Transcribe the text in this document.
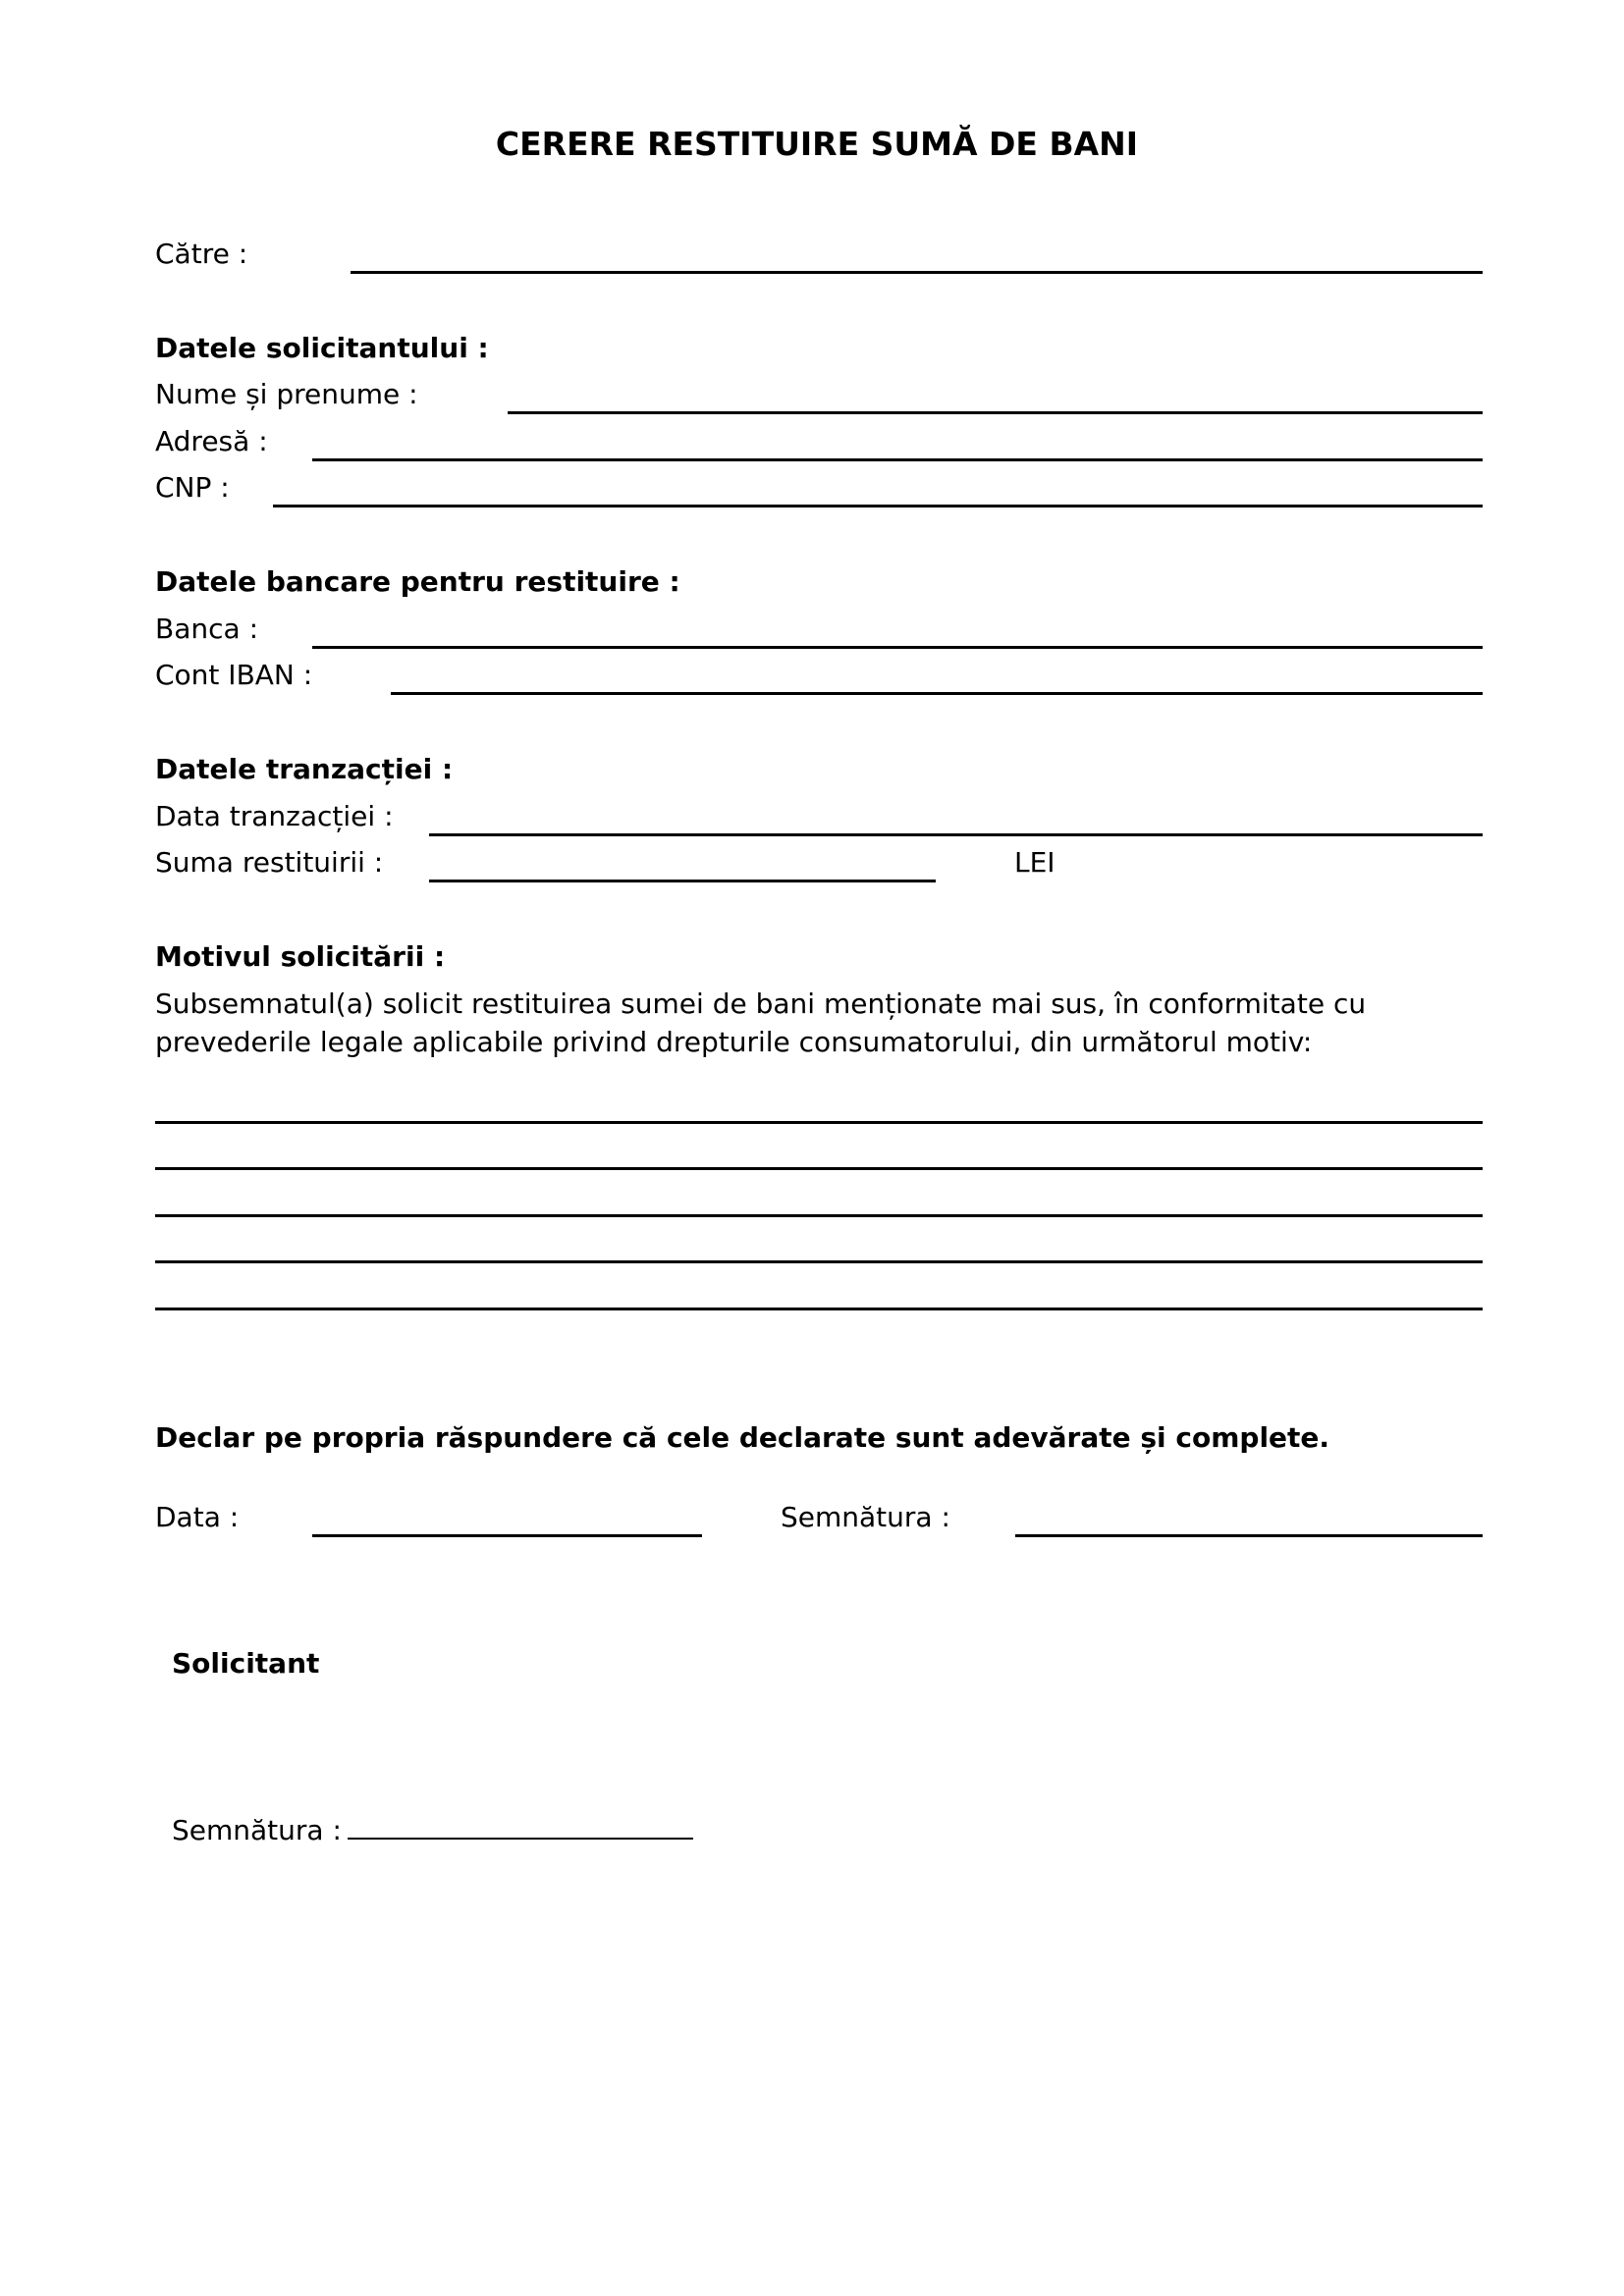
CERERE RESTITUIRE SUMĂ DE BANI
Către :
Datele solicitantului :
Nume și prenume :
Adresă :
CNP :
Datele bancare pentru restituire :
Banca :
Cont IBAN :
Datele tranzacției :
Data tranzacției :
Suma restituirii :	LEI
Motivul solicitării :
Subsemnatul(a) solicit restituirea sumei de bani menționate mai sus, în conformitate cu
prevederile legale aplicabile privind drepturile consumatorului, din următorul motiv:
Declar pe propria răspundere că cele declarate sunt adevărate și complete.
Data :	Semnătura :
Solicitant
Semnătura :
